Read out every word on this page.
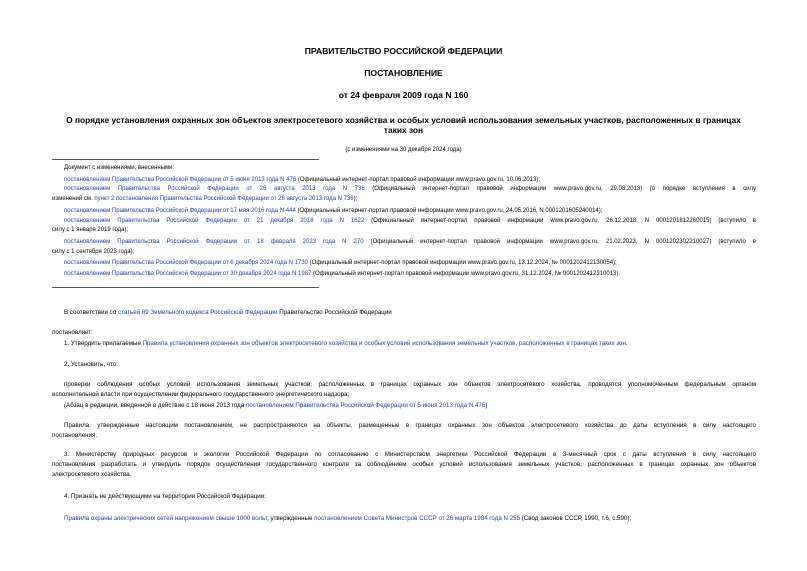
ПРАВИТЕЛЬСТВО РОССИЙСКОЙ ФЕДЕРАЦИИ
ПОСТАНОВЛЕНИЕ
от 24 февраля 2009 года N 160
О порядке установления охранных зон объектов электросетевого хозяйства и особых условий использования земельных участков, расположенных в границах
таких зон
(с изменениями на 30 декабря 2024 года)
Документ с изменениями, внесенными:
постановлением Правительства Российской Федерации от 5 июня 2013 года N 476 (Официальный интернет-портал правовой информации www.pravo.gov.ru, 10.06.2013);
постановлением Правительства Российской Федерации от 26 августа 2013 года N 736 (Официальный интернет-портал правовой информации www.pravo.gov.ru, 29.08.2013) (о порядке вступления в силу
изменений см. пункт 2 постановления Правительства Российской Федерации от 26 августа 2013 года N 736);
постановлением Правительства Российской Федерации от 17 мая 2016 года N 444 (Официальный интернет-портал правовой информации www.pravo.gov.ru, 24.05.2016, N 0001201605240014);
постановлением Правительства Российской Федерации от 21 декабря 2018 года N 1622 (Официальный интернет-портал правовой информации www.pravo.gov.ru, 26.12.2018, N 0001201812260015) (вступило в
силу с 1 января 2019 года);
постановлением Правительства Российской Федерации от 18 февраля 2023 года N 270 (Официальный интернет-портал правовой информации www.pravo.gov.ru, 21.02.2023, N 0001202302210027) (вступило в
силу с 1 сентября 2023 года);
постановлением Правительства Российской Федерации от 6 декабря 2024 года N 1730 (Официальный интернет-портал правовой информации www.pravo.gov.ru, 13.12.2024, № 0001202412130054);
постановлением Правительства Российской Федерации от 30 декабря 2024 года N 1987 (Официальный интернет-портал правовой информации www.pravo.gov.ru, 31.12.2024, № 0001202412310013).
В соответствии со статьей 89 Земельного кодекса Российской Федерации Правительство Российской Федерации
постановляет:
1. Утвердить прилагаемые Правила установления охранных зон объектов электросетевого хозяйства и особых условий использования земельных участков, расположенных в границах таких зон.
2. Установить, что:
проверки соблюдения особых условий использования земельных участков, расположенных в границах охранных зон объектов электросетевого хозяйства, проводятся уполномоченным федеральным органом
исполнительной власти при осуществлении федерального государственного энергетического надзора;
(Абзац в редакции, введенной в действие с 18 июня 2013 года постановлением Правительства Российской Федерации от 5 июня 2013 года N 476)
Правила, утвержденные настоящим постановлением, не распространяются на объекты, размещенные в границах охранных зон объектов электросетевого хозяйства до даты вступления в силу настоящего
постановления.
3. Министерству природных ресурсов и экологии Российской Федерации по согласованию с Министерством энергетики Российской Федерации в 3-месячный срок с даты вступления в силу настоящего
постановления разработать и утвердить порядок осуществления государственного контроля за соблюдением особых условий использования земельных участков, расположенных в границах охранных зон объектов
электросетевого хозяйства.
4. Признать не действующими на территории Российской Федерации:
Правила охраны электрических сетей напряжением свыше 1000 вольт, утвержденные постановлением Совета Министров СССР от 26 марта 1984 года N 255 (Свод законов СССР, 1990, т.6, с.590);
